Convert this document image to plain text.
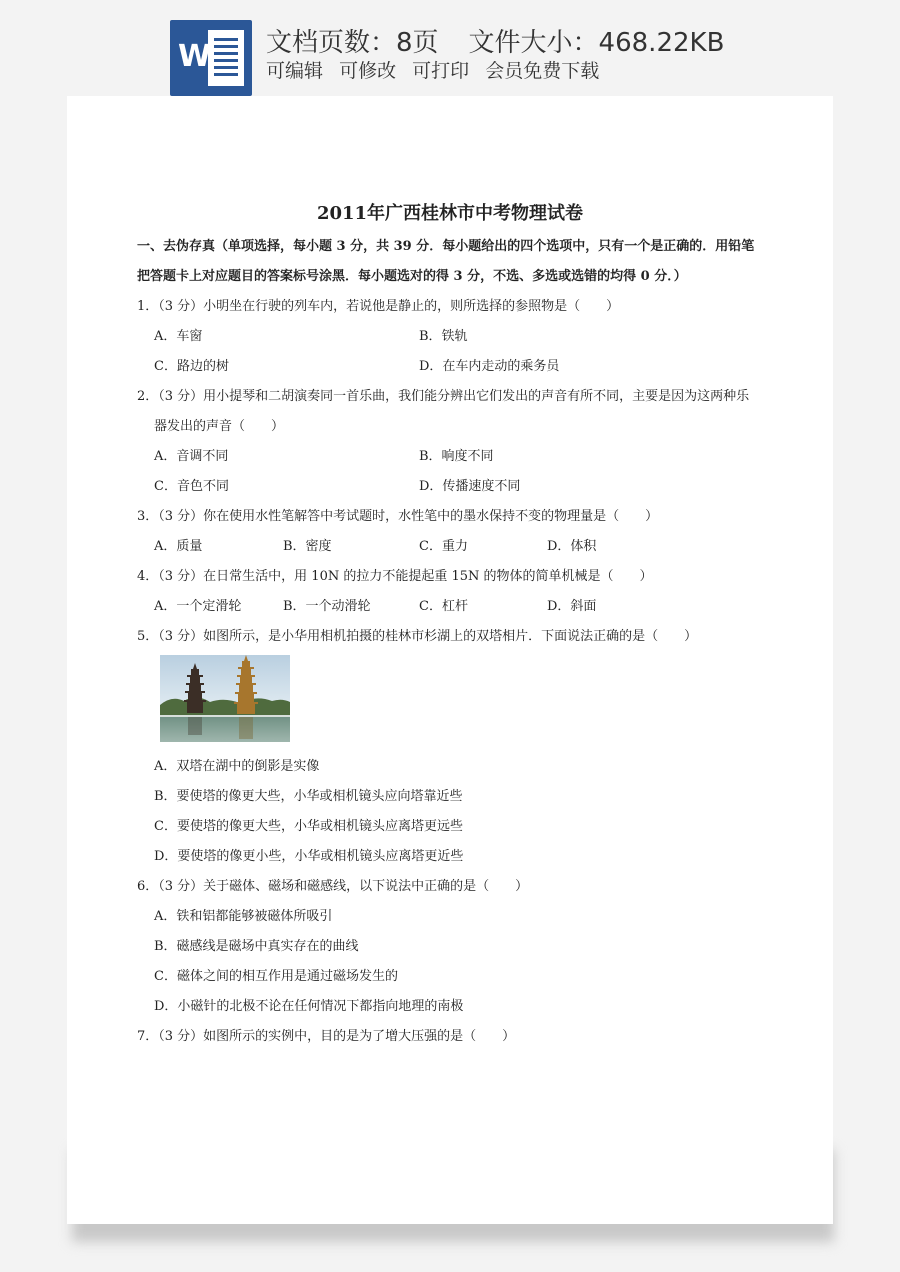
W 文档页数：8页 文件大小：468.22KB
可编辑 可修改 可打印 会员免费下载
2011年广西桂林市中考物理试卷
一、去伪存真（单项选择，每小题 3 分，共 39 分．每小题给出的四个选项中，只有一个是正确的．用铅笔
把答题卡上对应题目的答案标号涂黑．每小题选对的得 3 分，不选、多选或选错的均得 0 分．）
1．（3 分）小明坐在行驶的列车内，若说他是静止的，则所选择的参照物是（　　）
A．车窗	B．铁轨
C．路边的树	D．在车内走动的乘务员
2．（3 分）用小提琴和二胡演奏同一首乐曲，我们能分辨出它们发出的声音有所不同，主要是因为这两种乐
器发出的声音（　　）
A．音调不同	B．响度不同
C．音色不同	D．传播速度不同
3．（3 分）你在使用水性笔解答中考试题时，水性笔中的墨水保持不变的物理量是（　　）
A．质量	B．密度	C．重力	D．体积
4．（3 分）在日常生活中，用 10N 的拉力不能提起重 15N 的物体的简单机械是（　　）
A．一个定滑轮	B．一个动滑轮	C．杠杆	D．斜面
5．（3 分）如图所示，是小华用相机拍摄的桂林市杉湖上的双塔相片．下面说法正确的是（　　）
A．双塔在湖中的倒影是实像
B．要使塔的像更大些，小华或相机镜头应向塔靠近些
C．要使塔的像更大些，小华或相机镜头应离塔更远些
D．要使塔的像更小些，小华或相机镜头应离塔更近些
6．（3 分）关于磁体、磁场和磁感线，以下说法中正确的是（　　）
A．铁和铝都能够被磁体所吸引
B．磁感线是磁场中真实存在的曲线
C．磁体之间的相互作用是通过磁场发生的
D．小磁针的北极不论在任何情况下都指向地理的南极
7．（3 分）如图所示的实例中，目的是为了增大压强的是（　　）
